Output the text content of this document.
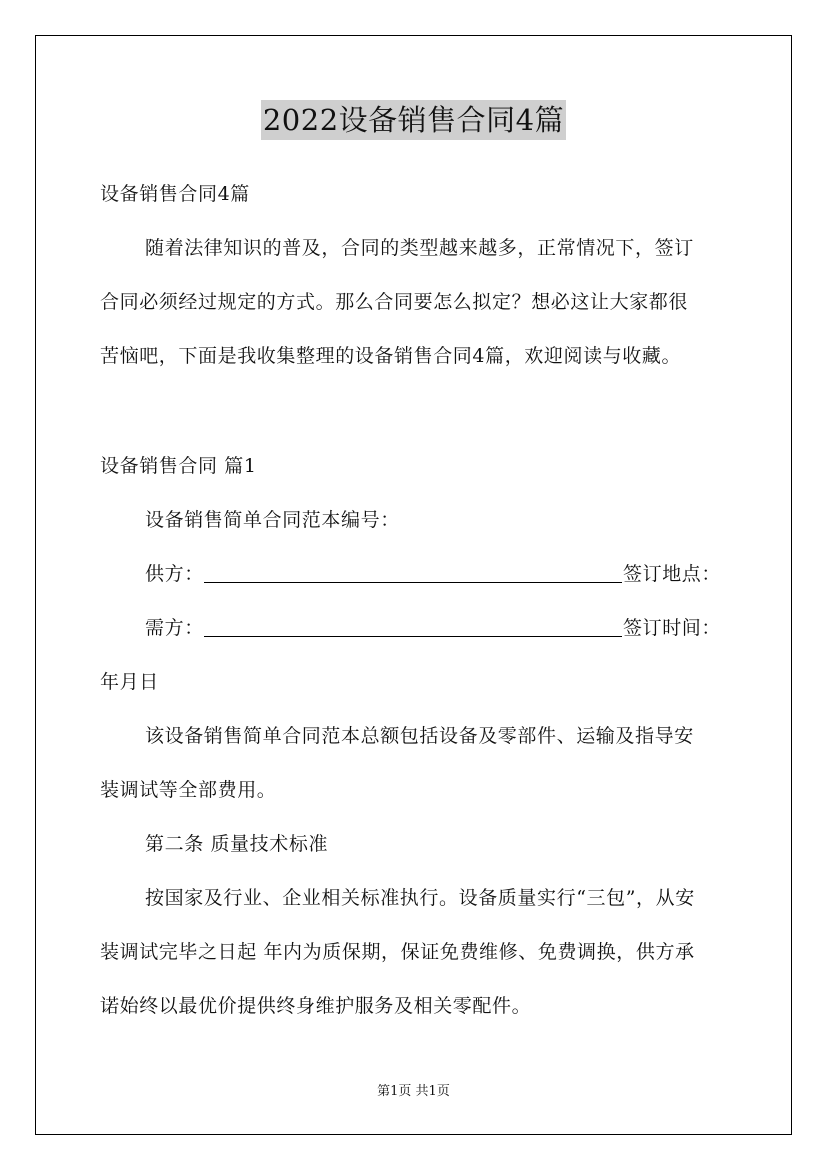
2022设备销售合同4篇
设备销售合同4篇
随着法律知识的普及，合同的类型越来越多，正常情况下，签订
合同必须经过规定的方式。那么合同要怎么拟定？想必这让大家都很
苦恼吧，下面是我收集整理的设备销售合同4篇，欢迎阅读与收藏。
设备销售合同 篇1
设备销售简单合同范本编号：
供方：	签订地点：
需方：	签订时间：
年月日
该设备销售简单合同范本总额包括设备及零部件、运输及指导安
装调试等全部费用。
第二条 质量技术标准
按国家及行业、企业相关标准执行。设备质量实行“三包”，从安
装调试完毕之日起 年内为质保期，保证免费维修、免费调换，供方承
诺始终以最优价提供终身维护服务及相关零配件。
第1页 共1页
